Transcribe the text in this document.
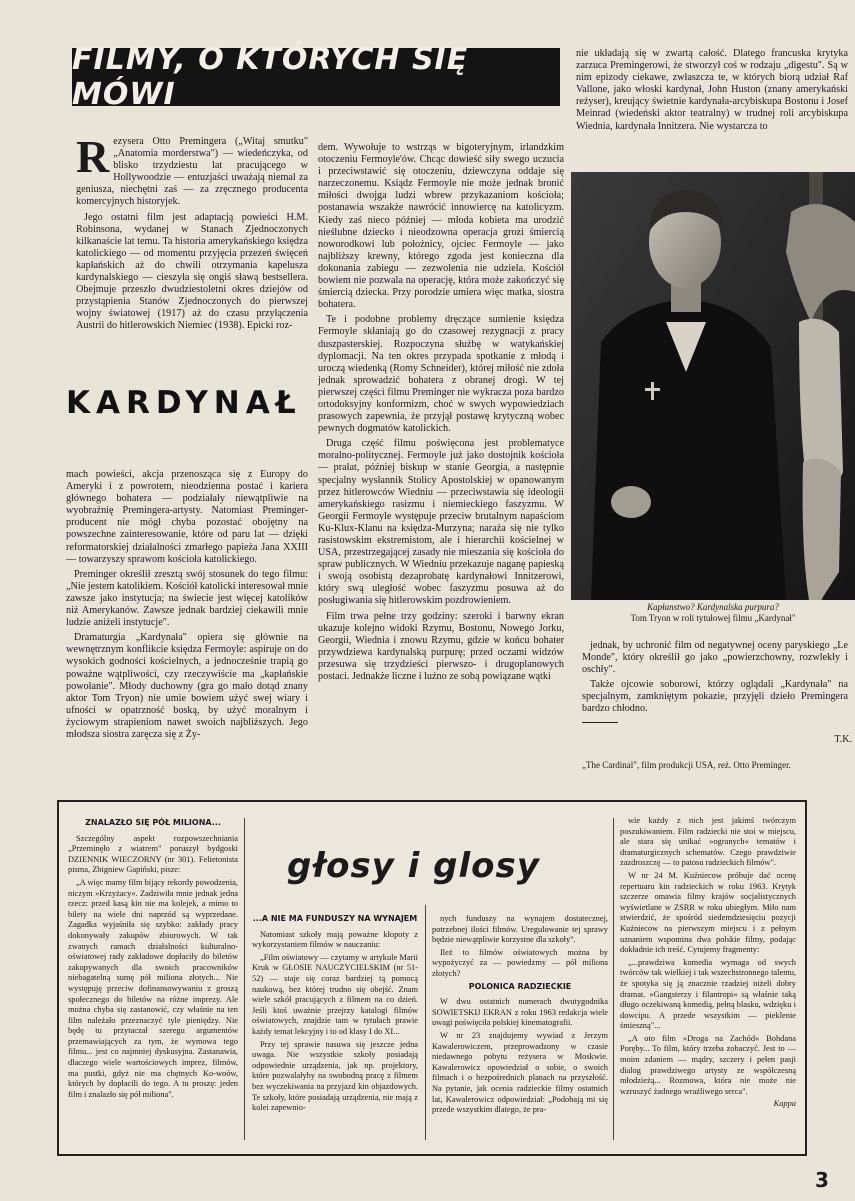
FILMY, O KTÓRYCH SIĘ MÓWI
R ezyserа Otto Premingera („Witaj smutku" „Anatomia morderstwa") — wiedeńczyka, od blisko trzydziestu lat pracującego w Hollywoodzie — entuzjaści uważają niemal za geniusza, niechętni zaś — za zręcznego producenta komercyjnych historyjek.

Jego ostatni film jest adaptacją powieści H.M. Robinsona, wydanej w Stanach Zjednoczonych kilkanaście lat temu. Ta historia amerykańskiego księdza katolickiego — od momentu przyjęcia przezeń święceń kapłańskich aż do chwili otrzymania kapelusza kardynalskiego — cieszyła się ongiś sławą bestsellera. Obejmuje przeszło dwudziestoletni okres dziejów od przystąpienia Stanów Zjednoczonych do pierwszej wojny światowej (1917) aż do czasu przyłączenia Austrii do hitlerowskich Niemiec (1938). Epicki roz-

KARDYNAŁ

mach powieści, akcja przenosząca się z Europy do Ameryki i z powrotem, nieodzienna postać i kariera głównego bohatera — podziałały niewątpliwie na wyobraźnię Premingera-artysty. Natomiast Preminger-producent nie mógł chyba pozostać obojętny na powszechne zainteresowanie, które od paru lat — dzięki reformatorskiej działalności zmarłego papieża Jana XXIII — towarzyszy sprawom kościoła katolickiego.

Preminger określił zresztą swój stosunek do tego filmu: „Nie jestem katolikiem. Kościół katolicki interesował mnie zawsze jako instytucja; na świecie jest więcej katolików niż Amerykanów. Zawsze jednak bardziej ciekawili mnie ludzie aniżeli instytucje".

Dramaturgia „Kardynała" opiera się głównie na wewnętrznym konflikcie księdza Fermoyle: aspiruje on do wysokich godności kościelnych, a jednocześnie trapią go poważne wątpliwości, czy rzeczywiście ma „kapłańskie powołanie". Młody duchowny (gra go mało dotąd znany aktor Tom Tryon) nie umie bowiem użyć swej wiary i ufności w opatrzność boską, by użyć moralnym i życiowym strapieniom nawet swoich najbliższych. Jego młodsza siostra zaręcza się z Ży-

dem. Wywołuje to wstrząs w bigoteryjnym, irlandzkim otoczeniu Fermoyle'ów. Chcąc dowieść siły swego uczucia i przeciwstawić się otoczeniu, dziewczyna oddaje się narzeczonemu. Ksiądz Fermoyle nie może jednak bronić miłości dwojga ludzi wbrew przykazaniom kościoła; postanawia wszakże nawrócić innowiercę na katolicyzm. Kiedy zaś nieco później — młoda kobieta ma urodzić nieślubne dziecko i nieodzowna operacja grozi śmiercią noworodkowi lub położnicy, ojciec Fermoyle — jako najbliższy krewny, którego zgoda jest konieczna dla dokonania zabiegu — zezwolenia nie udziela. Kościół bowiem nie pozwala na operację, która może zakończyć się śmiercią dziecka. Przy porodzie umiera więc matka, siostra bohatera.

Te i podobne problemy dręczące sumienie księdza Fermoyle skłaniają go do czasowej rezygnacji z pracy duszpasterskiej. Rozpoczyna służbę w watykańskiej dyplomacji. Na ten okres przypada spotkanie z młodą i uroczą wiedenką (Romy Schneider), której miłość nie zdoła jednak sprowadzić bohatera z obranej drogi. W tej pierwszej części filmu Preminger nie wykracza poza bardzo ortodoksyjny konformizm, choć w swych wypowiedziach prasowych zapewnia, że przyjął postawę krytyczną wobec pewnych dogmatów katolickich.

Druga część filmu poświęcona jest problematyce moralno-politycznej. Fermoyle już jako dostojnik kościoła — prałat, później biskup w stanie Georgia, a następnie specjalny wysłannik Stolicy Apostolskiej w opanowanym przez hitlerowców Wiedniu — przeciwstawia się ideologii amerykańskiego rasizmu i niemieckiego faszyzmu. W Georgii Fermoyle występuje przeciw brutalnym napaściom Ku-Klux-Klanu na księdza-Murzyna; naraża się nie tylko rasistowskim ekstremistom, ale i hierarchii kościelnej w USA, przestrzegającej zasady nie mieszania się kościoła do spraw publicznych. W Wiedniu przekazuje naganę papieską i swoją osobistą dezaprobatę kardynałowi Innitzerowi, który swą uległość wobec faszyzmu posuwa aż do posługiwania się hitlerowskim pozdrowieniem.

Film trwa pełne trzy godziny: szeroki i barwny ekran ukazuje kolejno widoki Rzymu, Bostonu, Nowego Jorku, Georgii, Wiednia i znowu Rzymu, gdzie w końcu bohater przywdziewa kardynalską purpurę; przed oczami widzów przesuwa się trzydzieści pierwszo- i drugoplanowych postaci. Jednakże liczne i luźno ze sobą powiązane wątki

nie układają się w zwartą całość. Dlatego francuska krytyka zarzuca Premingerowi, że stworzył coś w rodzaju „digestu". Są w nim epizody ciekawe, zwłaszcza te, w których biorą udział Raf Vallone, jako włoski kardynał, John Huston (znany amerykański reżyser), kreujący świetnie kardynała-arcybiskupa Bostonu i Josef Meinrad (wiedeński aktor teatralny) w trudnej roli arcybiskupa Wiednia, kardynała Innitzera. Nie wystarcza to

Kapłanstwo? Kardynalska purpura?
Tom Tryon w roli tytułowej filmu „Kardynał"

jednak, by uchronić film od negatywnej oceny paryskiego „Le Monde", który określił go jako „powierzchowny, rozwlekły i oschły".

Także ojcowie soborowi, którzy oglądali „Kardynała" na specjalnym, zamkniętym pokazie, przyjęli dzieło Premingera bardzo chłodno.

T.K.
„The Cardinal", film produkcji USA, reż. Otto Preminger.
głosy i glosy

ZNALAZŁO SIĘ PÓŁ MILIONA...

Szczególny aspekt rozpowszechniania „Przeminęło z wiatrem" poruszył bydgoski DZIENNIK WIECZORNY (nr 301). Felietonista pisma, Zbigniew Gapiński, pisze:

„A więc mamy film bijący rekordy powodzenia, niczym »Krzyżacy«. Zadziwiła mnie jednak jedna rzecz: przed kasą kin nie ma kolejek, a mimo to bilety na wiele dni naprzód są wyprzedane. Zagadka wyjaśniła się szybko: zakłady pracy dokonywały zakupów zbiorowych. W tak zwanych ramach działalności kulturalno-oświatowej rady zakładowe dopłaciły do biletów zakupywanych dla swoich pracowników niebagatelną sumę pół miliona złotych... Nie występuję przeciw dofinansowywaniu z groszą społecznego do biletów na różne imprezy. Ale można chyba się zastanowić, czy właśnie na ten film należało przeznaczyć tyle pieniędzy. Nie będę tu przytaczał szeregu argumentów przemawiających za tym, że wymowa tego filmu... jest co najmniej dyskusyjna. Zastanawia, dlaczego wiele wartościowych imprez, filmów, ma pustki, gdyż nie ma chętnych Ko-woów, których by dopłacili do tego. A tu proszę: jeden film i znalazło się pół miliona".

...A NIE MA FUNDUSZY NA WYNAJEM

Natomiast szkoły mają poważne kłopoty z wykorzystaniem filmów w nauczaniu:

„Film oświatowy — czytamy w artykule Marii Kruk w GŁOSIE NAUCZYCIELSKIM (nr 51-52) — staje się coraz bardziej tą pomocą naukową, bez której trudno się obejść. Znam wiele szkół pracujących z filmem na co dzień. Jeśli ktoś uważnie przejrzy katalogi filmów oświatowych, znajdzie tam w tytułach prawie każdy temat lekcyjny i to od klasy I do XI...

Przy tej sprawie nasuwa się jeszcze jedna uwaga. Nie wszystkie szkoły posiadają odpowiednie urządzenia, jak np. projektory, które pozwalałyby na swobodną pracę z filmem bez wyczekiwania na przyjazd kin objazdowych. Te szkoły, które posiadają urządzenia, nie mają z kolei zapewnio-

nych funduszy na wynajem dostatecznej, potrzebnej ilości filmów. Uregulowanie tej sprawy będzie niewątpliwie korzystne dla szkoły".

Ileż to filmów oświatowych można by wypożyczyć za — powiedzmy — pół miliona złotych?

POLONICA RADZIECKIE

W dwu ostatnich numerach dwutygodnika SOWIETSKIJ EKRAN z roku 1963 redakcja wiele uwagi poświęciła polskiej kinematografii.

W nr 23 znajdujemy wywiad z Jerzym Kawalerowiczem, przeprowadzony w czasie niedawnego pobytu reżysera w Moskwie. Kawalerowicz opowiedział o sobie, o swoich filmach i o bezpośrednich planach na przyszłość. Na pytanie, jak ocenia radzieckie filmy ostatnich lat, Kawalerowicz odpowiedział: „Podobają mi się przede wszystkim dlatego, że pra-

wie każdy z nich jest jakimś twórczym poszukiwaniem. Film radziecki nie stoi w miejscu, ale stara się unikać »ogranych« tematów i dramaturgicznych schematów. Czego prawdziwie zazdroszczę — to patosu radzieckich filmów".

W nr 24 M. Kuźniecow próbuje dać ocenę repertuaru kin radzieckich w roku 1963. Krytyk szczerze omawia filmy krajów socjalistycznych wyświetlane w ZSRR w roku ubiegłym. Miło nam stwierdzić, że spośród siedemdziesięciu pozycji Kuźniecow na pierwszym miejscu i z pełnym uznaniem wspomina dwa polskie filmy, podając dokładnie ich treść. Cytujemy fragmenty:

„...prawdziwa komedia wymaga od swych twórców tak wielkiej i tak wszechstronnego talentu, że spotyka się ją znacznie rzadziej niżeli dobry dramat. »Gangsterzy i filantropi« są właśnie taką długo oczekiwaną komedią, pełną blasku, wdzięku i dowcipu. A przede wszystkim — pieklenie śmieszną"...

„A oto film »Droga na Zachód« Bohdana Poręby... To film, który trzeba zobaczyć. Jest to — moim zdaniem — mądry, szczery i pełen pasji dialog prawdziwego artysty ze współczesną młodzieżą... Rozmowa, która nie może nie wzruszyć żadnego wrażliwego serca".

Kappa

3
